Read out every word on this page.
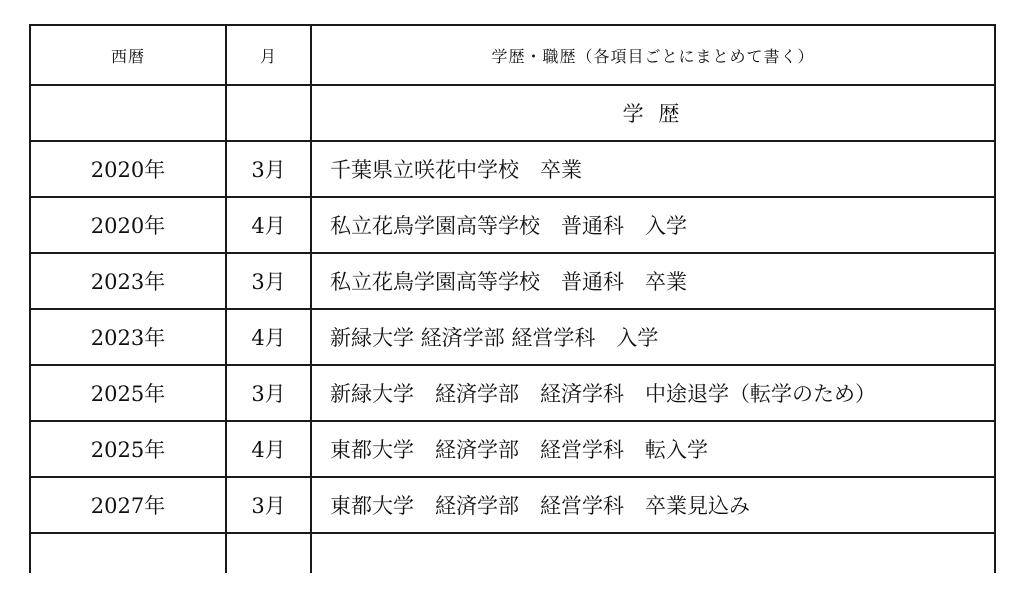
西暦	月	学歴・職歴（各項目ごとにまとめて書く）
		学 歴
2020年	3月	千葉県立咲花中学校　卒業
2020年	4月	私立花鳥学園高等学校　普通科　入学
2023年	3月	私立花鳥学園高等学校　普通科　卒業
2023年	4月	新緑大学 経済学部 経営学科　入学
2025年	3月	新緑大学　経済学部　経済学科　中途退学（転学のため）
2025年	4月	東都大学　経済学部　経営学科　転入学
2027年	3月	東都大学　経済学部　経営学科　卒業見込み
